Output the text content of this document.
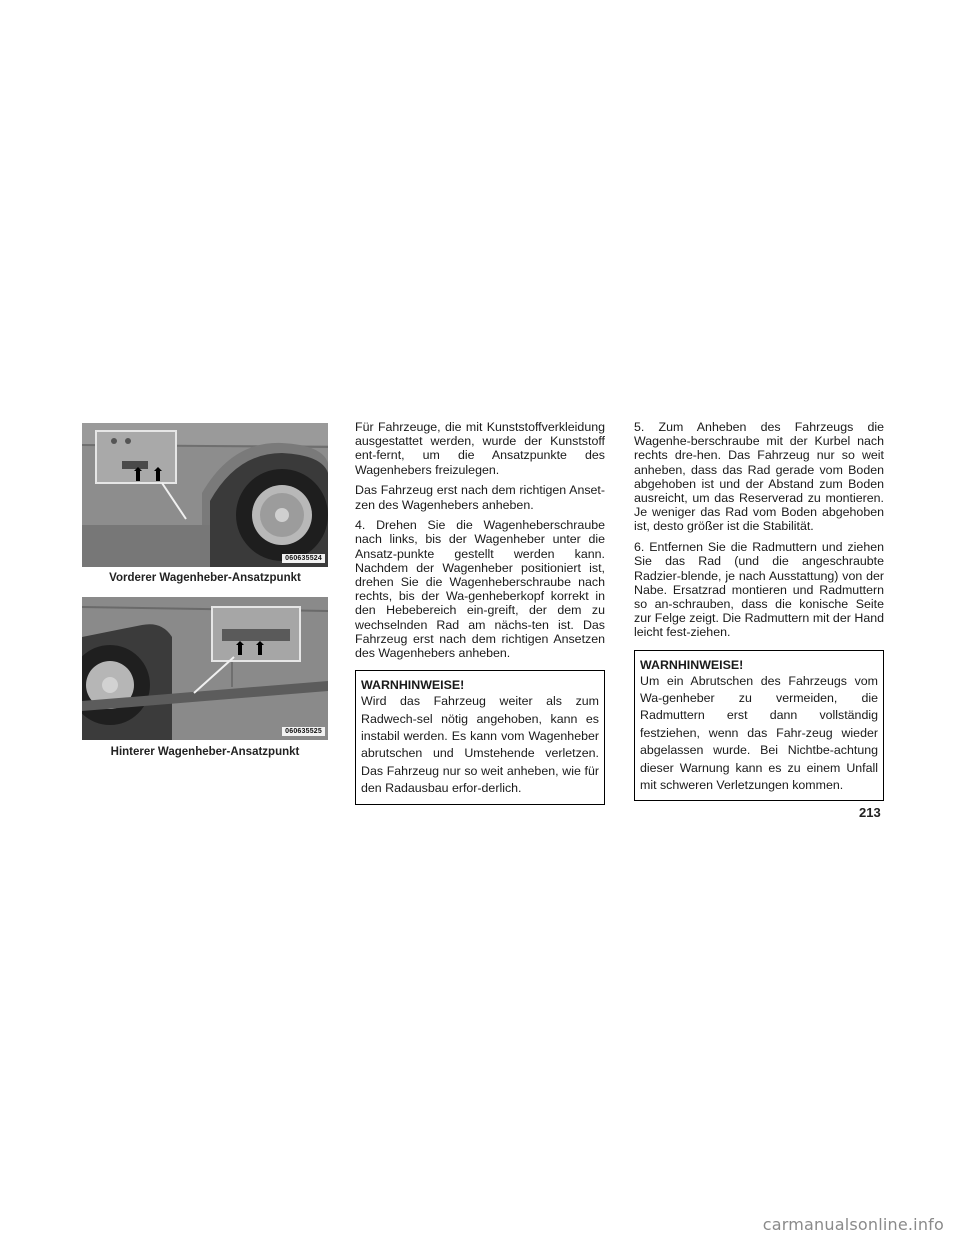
060635524
Vorderer Wagenheber-Ansatzpunkt
060635525
Hinterer Wagenheber-Ansatzpunkt

Für Fahrzeuge, die mit Kunststoffverkleidung ausgestattet werden, wurde der Kunststoff ent-fernt, um die Ansatzpunkte des Wagenhebers freizulegen.

Das Fahrzeug erst nach dem richtigen Anset-zen des Wagenhebers anheben.

4. Drehen Sie die Wagenheberschraube nach links, bis der Wagenheber unter die Ansatz-punkte gestellt werden kann. Nachdem der Wagenheber positioniert ist, drehen Sie die Wagenheberschraube nach rechts, bis der Wa-genheberkopf korrekt in den Hebebereich ein-greift, der dem zu wechselnden Rad am nächs-ten ist. Das Fahrzeug erst nach dem richtigen Ansetzen des Wagenhebers anheben.

WARNHINWEISE!
Wird das Fahrzeug weiter als zum Radwech-sel nötig angehoben, kann es instabil werden. Es kann vom Wagenheber abrutschen und Umstehende verletzen. Das Fahrzeug nur so weit anheben, wie für den Radausbau erfor-derlich.

5. Zum Anheben des Fahrzeugs die Wagenhe-berschraube mit der Kurbel nach rechts dre-hen. Das Fahrzeug nur so weit anheben, dass das Rad gerade vom Boden abgehoben ist und der Abstand zum Boden ausreicht, um das Reserverad zu montieren. Je weniger das Rad vom Boden abgehoben ist, desto größer ist die Stabilität.

6. Entfernen Sie die Radmuttern und ziehen Sie das Rad (und die angeschraubte Radzier-blende, je nach Ausstattung) von der Nabe. Ersatzrad montieren und Radmuttern so an-schrauben, dass die konische Seite zur Felge zeigt. Die Radmuttern mit der Hand leicht fest-ziehen.

WARNHINWEISE!
Um ein Abrutschen des Fahrzeugs vom Wa-genheber zu vermeiden, die Radmuttern erst dann vollständig festziehen, wenn das Fahr-zeug wieder abgelassen wurde. Bei Nichtbe-achtung dieser Warnung kann es zu einem Unfall mit schweren Verletzungen kommen.
213
carmanualsonline.info
